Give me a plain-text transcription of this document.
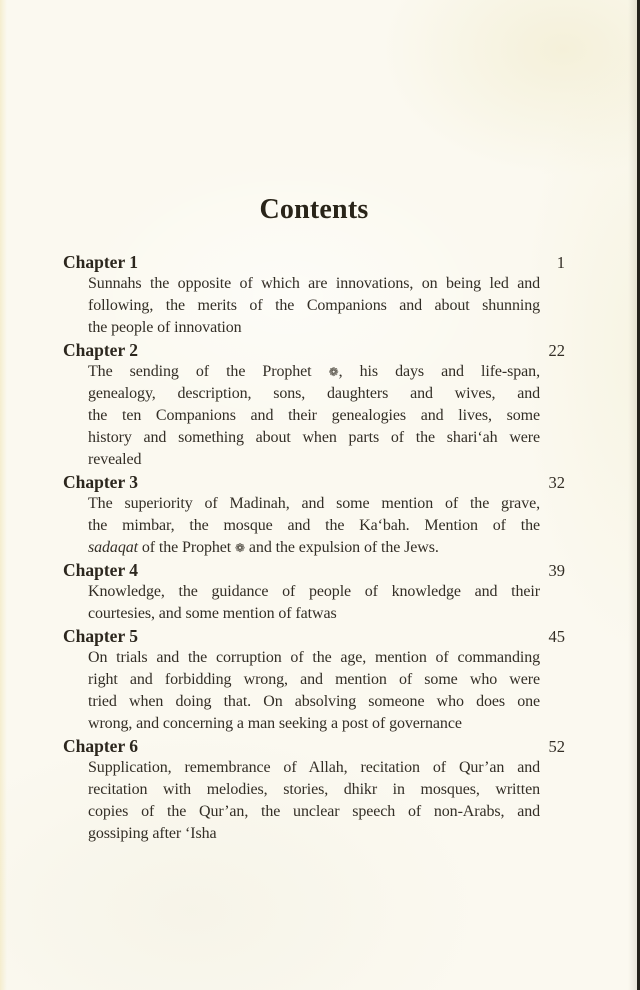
Contents
Chapter 1	1
Sunnahs the opposite of which are innovations, on being led and
following, the merits of the Companions and about shunning
the people of innovation
Chapter 2	22
The sending of the Prophet ❁, his days and life-span,
genealogy, description, sons, daughters and wives, and
the ten Companions and their genealogies and lives, some
history and something about when parts of the shari‘ah were
revealed
Chapter 3	32
The superiority of Madinah, and some mention of the grave,
the mimbar, the mosque and the Ka‘bah. Mention of the
sadaqat of the Prophet ❁ and the expulsion of the Jews.
Chapter 4	39
Knowledge, the guidance of people of knowledge and their
courtesies, and some mention of fatwas
Chapter 5	45
On trials and the corruption of the age, mention of commanding
right and forbidding wrong, and mention of some who were
tried when doing that. On absolving someone who does one
wrong, and concerning a man seeking a post of governance
Chapter 6	52
Supplication, remembrance of Allah, recitation of Qur’an and
recitation with melodies, stories, dhikr in mosques, written
copies of the Qur’an, the unclear speech of non-Arabs, and
gossiping after ‘Isha
